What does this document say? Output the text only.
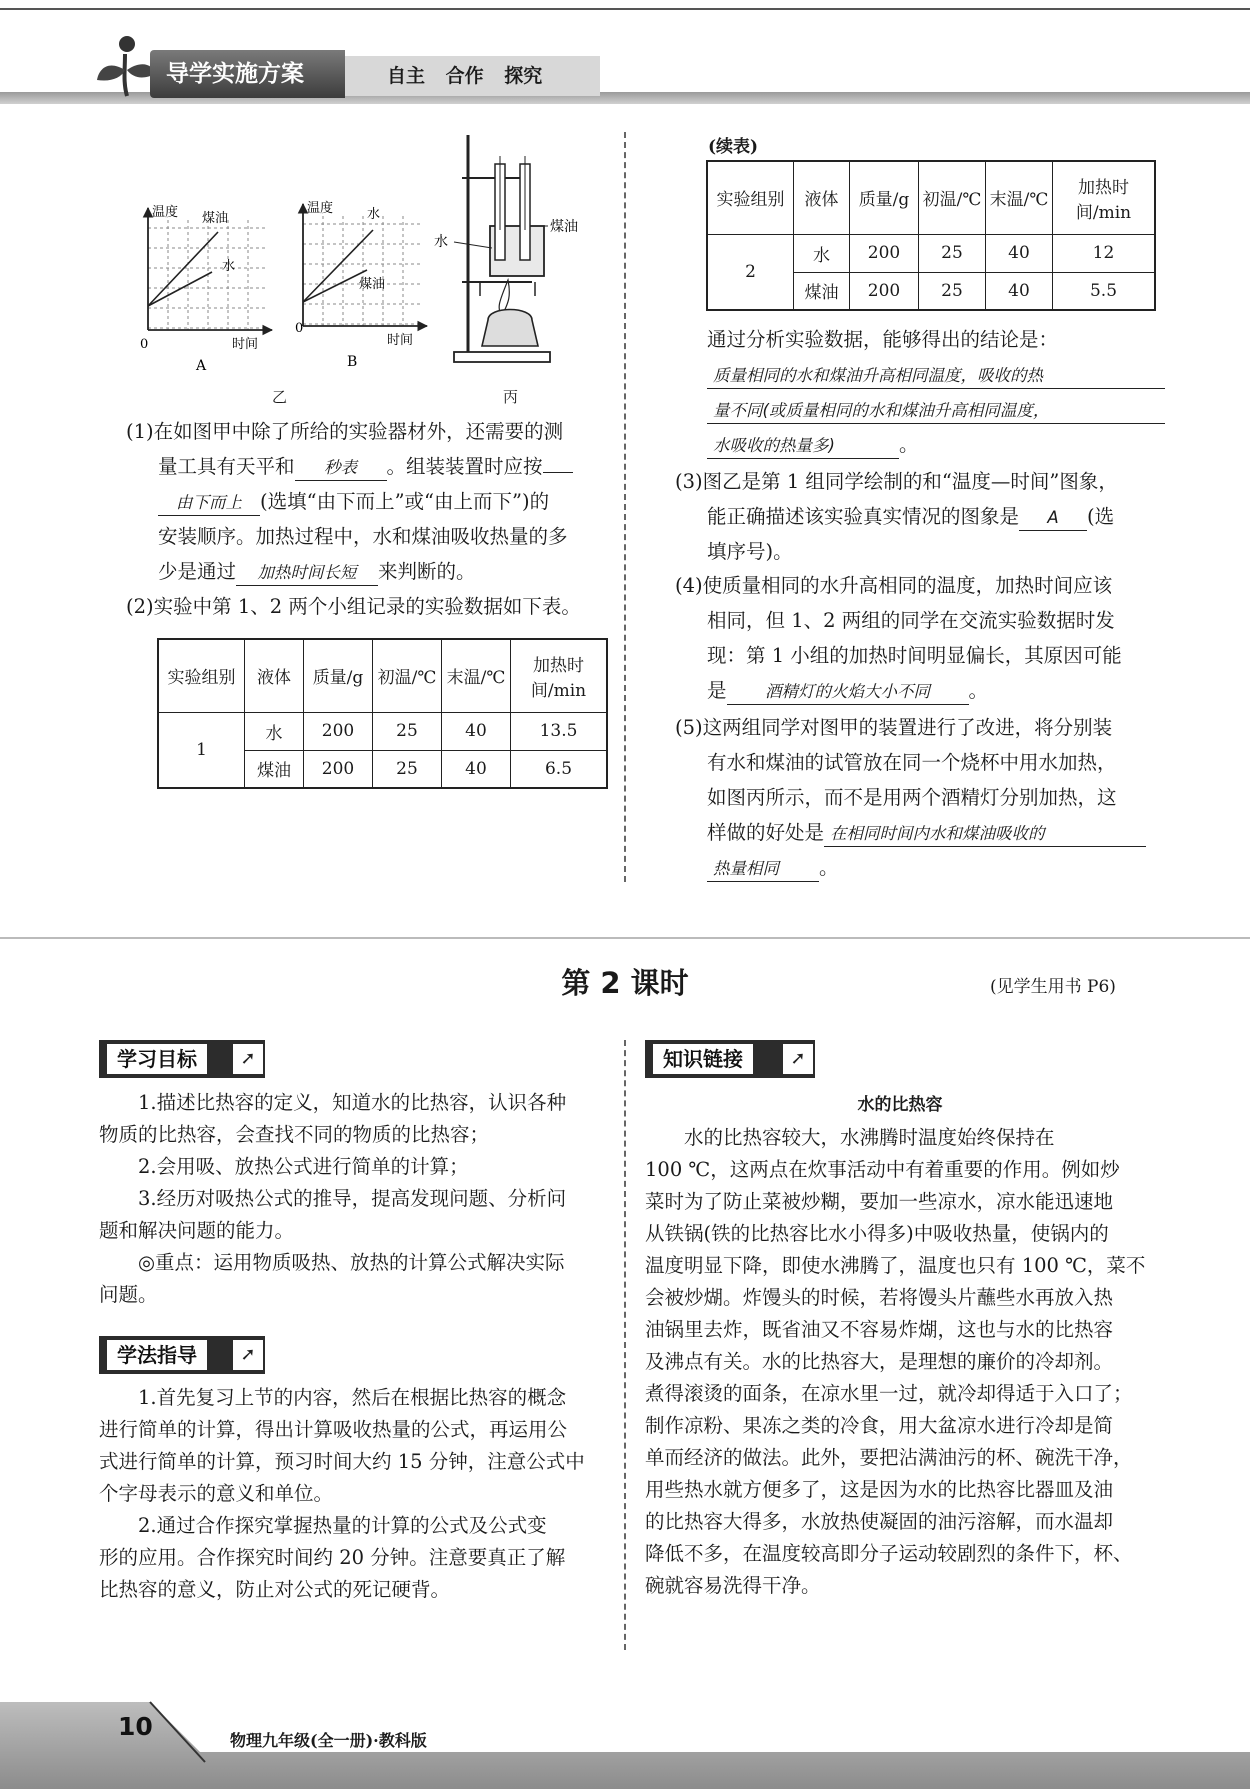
导学实施方案	自主 合作 探究
温度 煤油
水
0	时间
A
温度	水
煤油
0
时间
B
乙
水
煤油
丙
(1)在如图甲中除了所给的实验器材外，还需要的测
量工具有天平和 秒表 。组装装置时应按
由下而上 (选填“由下而上”或“由上而下”)的
安装顺序。加热过程中，水和煤油吸收热量的多
少是通过 加热时间长短 来判断的。
(2)实验中第 1、2 两个小组记录的实验数据如下表。
实验组别	液体	质量/g	初温/℃	末温/℃	加热时间/min
1	水	200	25	40	13.5
	煤油	200	25	40	6.5
(续表)
实验组别	液体	质量/g	初温/℃	末温/℃	加热时间/min
2	水	200	25	40	12
	煤油	200	25	40	5.5
通过分析实验数据，能够得出的结论是：
质量相同的水和煤油升高相同温度，吸收的热
量不同(或质量相同的水和煤油升高相同温度，
水吸收的热量多)	。
(3)图乙是第 1 组同学绘制的和“温度—时间”图象，
能正确描述该实验真实情况的图象是 A (选
填序号)。
(4)使质量相同的水升高相同的温度，加热时间应该
相同，但 1、2 两组的同学在交流实验数据时发
现：第 1 小组的加热时间明显偏长，其原因可能
是 酒精灯的火焰大小不同 。
(5)这两组同学对图甲的装置进行了改进，将分别装
有水和煤油的试管放在同一个烧杯中用水加热，
如图丙所示，而不是用两个酒精灯分别加热，这
样做的好处是 在相同时间内水和煤油吸收的
热量相同 。
第 2 课时	(见学生用书 P6)
学习目标	➚
1.描述比热容的定义，知道水的比热容，认识各种
物质的比热容，会查找不同的物质的比热容；
2.会用吸、放热公式进行简单的计算；
3.经历对吸热公式的推导，提高发现问题、分析问
题和解决问题的能力。
◎重点：运用物质吸热、放热的计算公式解决实际
问题。
学法指导	➚
1.首先复习上节的内容，然后在根据比热容的概念
进行简单的计算，得出计算吸收热量的公式，再运用公
式进行简单的计算，预习时间大约 15 分钟，注意公式中
个字母表示的意义和单位。
2.通过合作探究掌握热量的计算的公式及公式变
形的应用。合作探究时间约 20 分钟。注意要真正了解
比热容的意义，防止对公式的死记硬背。
知识链接	➚
水的比热容
水的比热容较大，水沸腾时温度始终保持在
100 ℃，这两点在炊事活动中有着重要的作用。例如炒
菜时为了防止菜被炒糊，要加一些凉水，凉水能迅速地
从铁锅(铁的比热容比水小得多)中吸收热量，使锅内的
温度明显下降，即使水沸腾了，温度也只有 100 ℃，菜不
会被炒煳。炸馒头的时候，若将馒头片蘸些水再放入热
油锅里去炸，既省油又不容易炸煳，这也与水的比热容
及沸点有关。水的比热容大，是理想的廉价的冷却剂。
煮得滚烫的面条，在凉水里一过，就冷却得适于入口了；
制作凉粉、果冻之类的冷食，用大盆凉水进行冷却是简
单而经济的做法。此外，要把沾满油污的杯、碗洗干净，
用些热水就方便多了，这是因为水的比热容比器皿及油
的比热容大得多，水放热使凝固的油污溶解，而水温却
降低不多，在温度较高即分子运动较剧烈的条件下，杯、
碗就容易洗得干净。
10	物理九年级(全一册)·教科版
